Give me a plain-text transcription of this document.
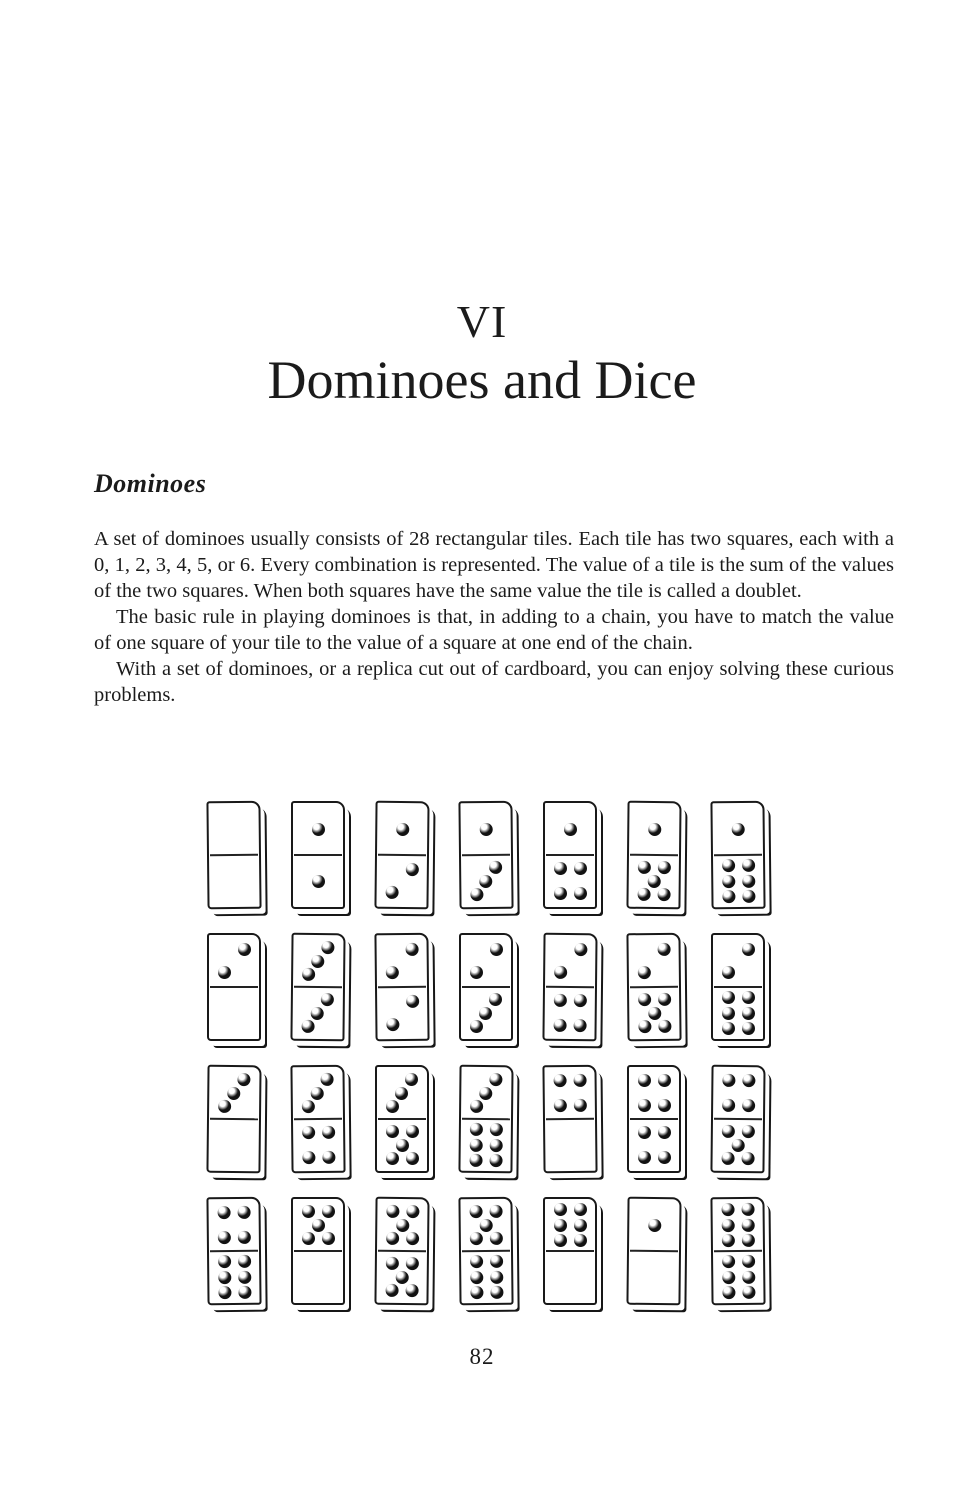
VI
Dominoes and Dice
Dominoes

A set of dominoes usually consists of 28 rectangular tiles. Each tile has two squares, each with a 0, 1, 2, 3, 4, 5, or 6. Every combination is represented. The value of a tile is the sum of the values of the two squares. When both squares have the same value the tile is called a doublet.

The basic rule in playing dominoes is that, in adding to a chain, you have to match the value of one square of your tile to the value of a square at one end of the chain.

With a set of dominoes, or a replica cut out of cardboard, you can enjoy solving these curious problems.

82
